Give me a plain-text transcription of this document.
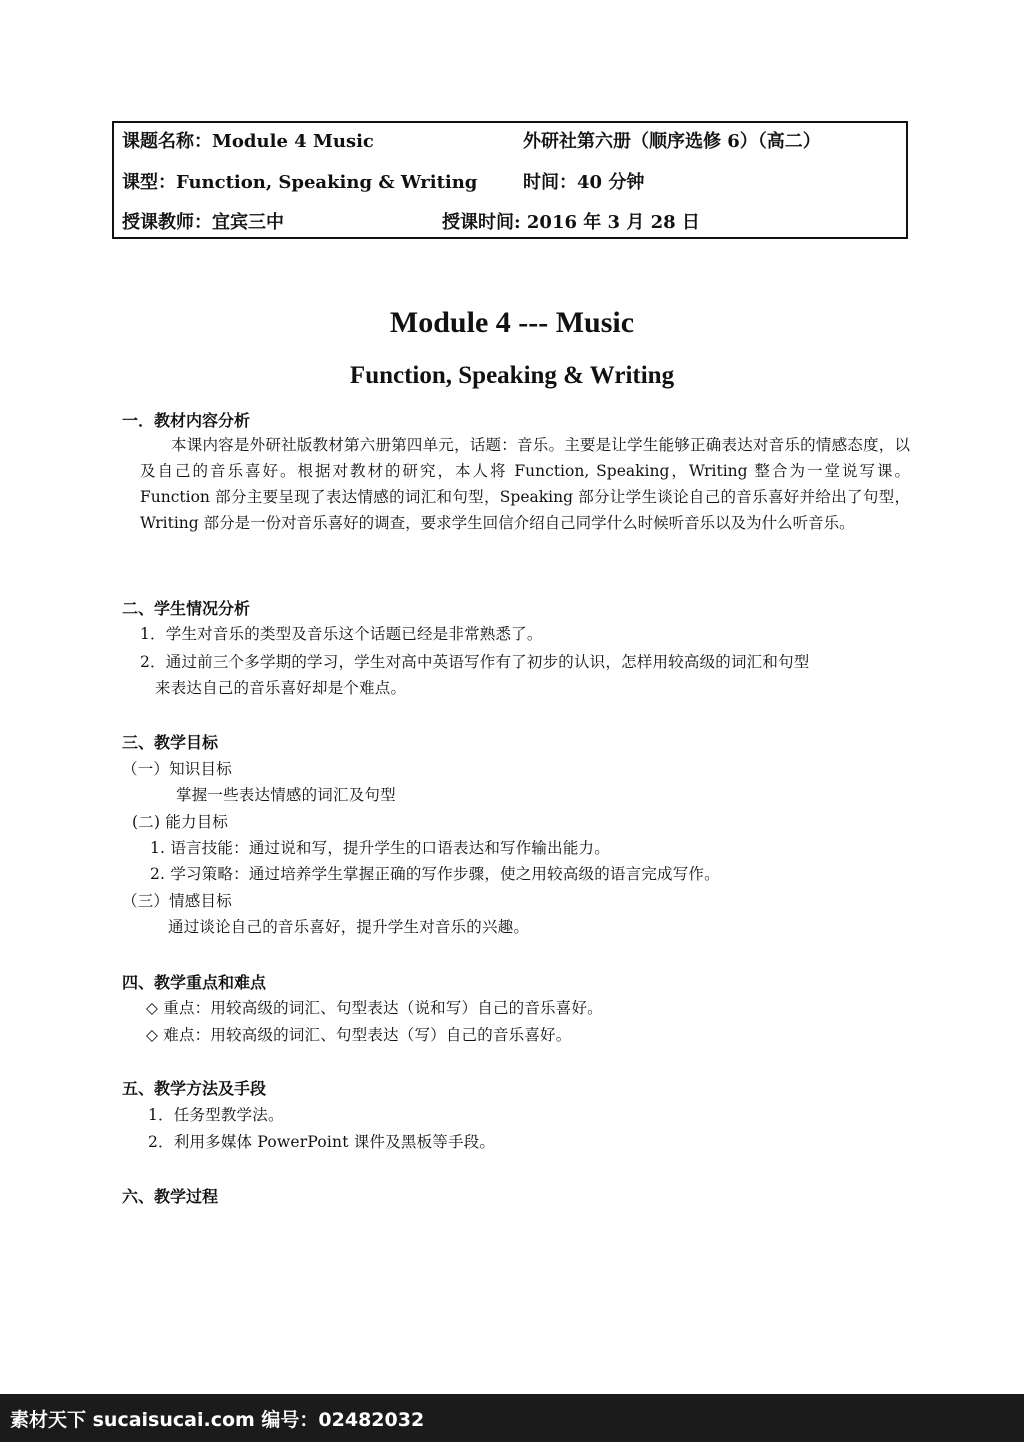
课题名称：Module 4 Music	外研社第六册（顺序选修 6）（高二）
课型：Function, Speaking & Writing	时间：40 分钟
授课教师：宜宾三中	授课时间: 2016 年 3 月 28 日
Module 4 --- Music
Function, Speaking & Writing
一．教材内容分析
本课内容是外研社版教材第六册第四单元，话题：音乐。主要是让学生能够正确表达对音乐的情感态度，以及自己的音乐喜好。根据对教材的研究，本人将 Function, Speaking，Writing 整合为一堂说写课。Function 部分主要呈现了表达情感的词汇和句型，Speaking 部分让学生谈论自己的音乐喜好并给出了句型，Writing 部分是一份对音乐喜好的调查，要求学生回信介绍自己同学什么时候听音乐以及为什么听音乐。
二、学生情况分析
1．学生对音乐的类型及音乐这个话题已经是非常熟悉了。
2．通过前三个多学期的学习，学生对高中英语写作有了初步的认识，怎样用较高级的词汇和句型
来表达自己的音乐喜好却是个难点。
三、教学目标
（一）知识目标
掌握一些表达情感的词汇及句型
(二) 能力目标
1. 语言技能：通过说和写，提升学生的口语表达和写作输出能力。
2. 学习策略：通过培养学生掌握正确的写作步骤，使之用较高级的语言完成写作。
（三）情感目标
通过谈论自己的音乐喜好，提升学生对音乐的兴趣。
四、教学重点和难点
◇ 重点：用较高级的词汇、句型表达（说和写）自己的音乐喜好。
◇ 难点：用较高级的词汇、句型表达（写）自己的音乐喜好。
五、教学方法及手段
1．任务型教学法。
2．利用多媒体 PowerPoint 课件及黑板等手段。
六、教学过程
素材天下 sucaisucai.com 编号：02482032
